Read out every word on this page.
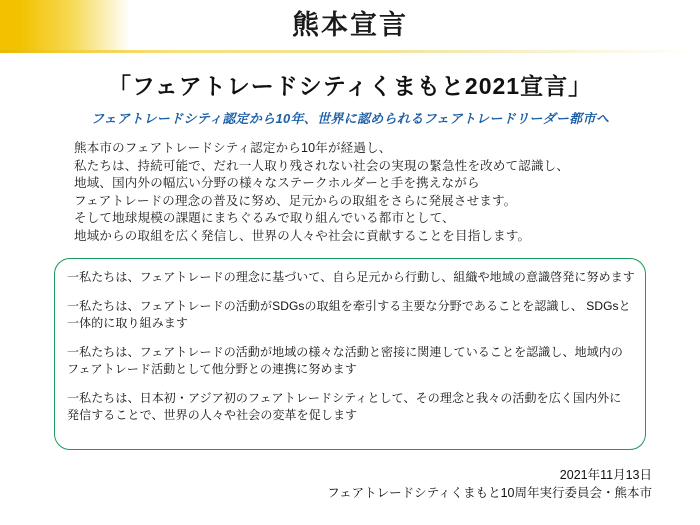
熊本宣言
「フェアトレードシティくまもと2021宣言」
フェアトレードシティ認定から10年、世界に認められるフェアトレードリーダー都市へ
熊本市のフェアトレードシティ認定から10年が経過し、
私たちは、持続可能で、だれ一人取り残されない社会の実現の緊急性を改めて認識し、
地域、国内外の幅広い分野の様々なステークホルダーと手を携えながら
フェアトレードの理念の普及に努め、足元からの取組をさらに発展させます。
そして地球規模の課題にまちぐるみで取り組んでいる都市として、
地域からの取組を広く発信し、世界の人々や社会に貢献することを目指します。
一私たちは、フェアトレードの理念に基づいて、自ら足元から行動し、組織や地域の意識啓発に努めます
一私たちは、フェアトレードの活動がSDGsの取組を牽引する主要な分野であることを認識し、 SDGsと
一体的に取り組みます
一私たちは、フェアトレードの活動が地域の様々な活動と密接に関連していることを認識し、地域内の
フェアトレード活動として他分野との連携に努めます
一私たちは、日本初・アジア初のフェアトレードシティとして、その理念と我々の活動を広く国内外に
発信することで、世界の人々や社会の変革を促します
2021年11月13日
フェアトレードシティくまもと10周年実行委員会・熊本市
